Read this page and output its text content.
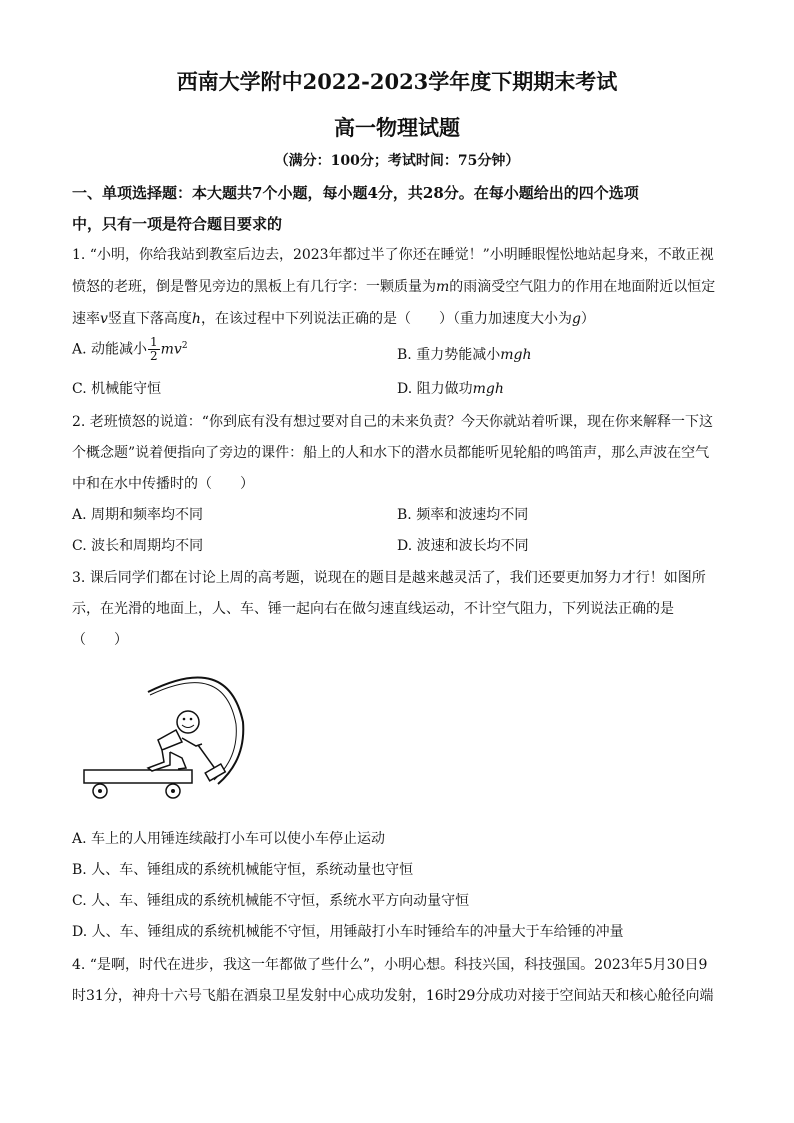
西南大学附中2022-2023学年度下期期末考试
高一物理试题
（满分：100分；考试时间：75分钟）
一、单项选择题：本大题共7个小题，每小题4分，共28分。在每小题给出的四个选项
中，只有一项是符合题目要求的
1. “小明，你给我站到教室后边去，2023年都过半了你还在睡觉！”小明睡眼惺忪地站起身来，不敢正视
愤怒的老班，倒是瞥见旁边的黑板上有几行字：一颗质量为m的雨滴受空气阻力的作用在地面附近以恒定
速率v竖直下落高度h，在该过程中下列说法正确的是（　　）（重力加速度大小为g）
A. 动能减小 $\frac{1}{2} mv^2$
B. 重力势能减小mgh
C. 机械能守恒	D. 阻力做功mgh
2. 老班愤怒的说道：“你到底有没有想过要对自己的未来负责？今天你就站着听课，现在你来解释一下这
个概念题”说着便指向了旁边的课件：船上的人和水下的潜水员都能听见轮船的鸣笛声，那么声波在空气
中和在水中传播时的（　　）
A. 周期和频率均不同	B. 频率和波速均不同
C. 波长和周期均不同	D. 波速和波长均不同
3. 课后同学们都在讨论上周的高考题，说现在的题目是越来越灵活了，我们还要更加努力才行！如图所
示，在光滑的地面上，人、车、锤一起向右在做匀速直线运动，不计空气阻力，下列说法正确的是
（　　）
A. 车上的人用锤连续敲打小车可以使小车停止运动
B. 人、车、锤组成的系统机械能守恒，系统动量也守恒
C. 人、车、锤组成的系统机械能不守恒，系统水平方向动量守恒
D. 人、车、锤组成的系统机械能不守恒，用锤敲打小车时锤给车的冲量大于车给锤的冲量
4. “是啊，时代在进步，我这一年都做了些什么”，小明心想。科技兴国，科技强国。2023年5月30日9
时31分，神舟十六号飞船在酒泉卫星发射中心成功发射，16时29分成功对接于空间站天和核心舱径向端
